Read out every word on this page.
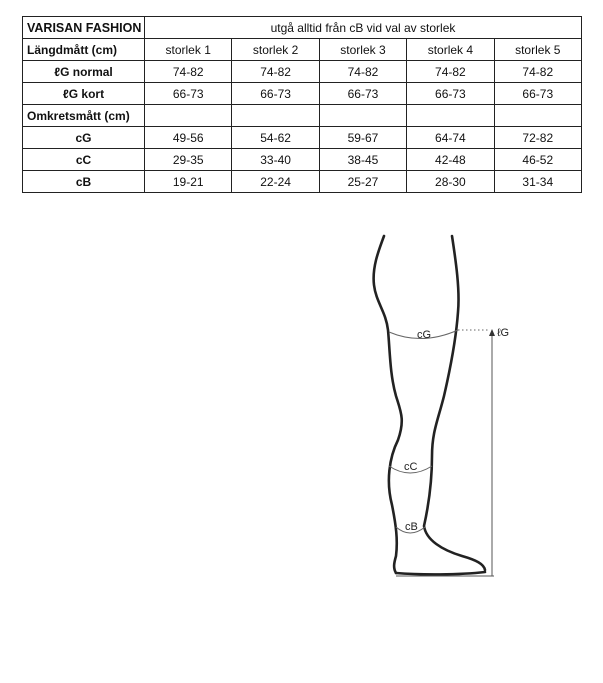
VARISAN FASHION	utgå alltid från cB vid val av storlek				
Längdmått (cm)	storlek 1	storlek 2	storlek 3	storlek 4	storlek 5
ℓG normal	74-82	74-82	74-82	74-82	74-82
ℓG kort	66-73	66-73	66-73	66-73	66-73
Omkretsmått (cm)					
cG	49-56	54-62	59-67	64-74	72-82
cC	29-35	33-40	38-45	42-48	46-52
cB	19-21	22-24	25-27	28-30	31-34
cG
cC
cB
ℓG
